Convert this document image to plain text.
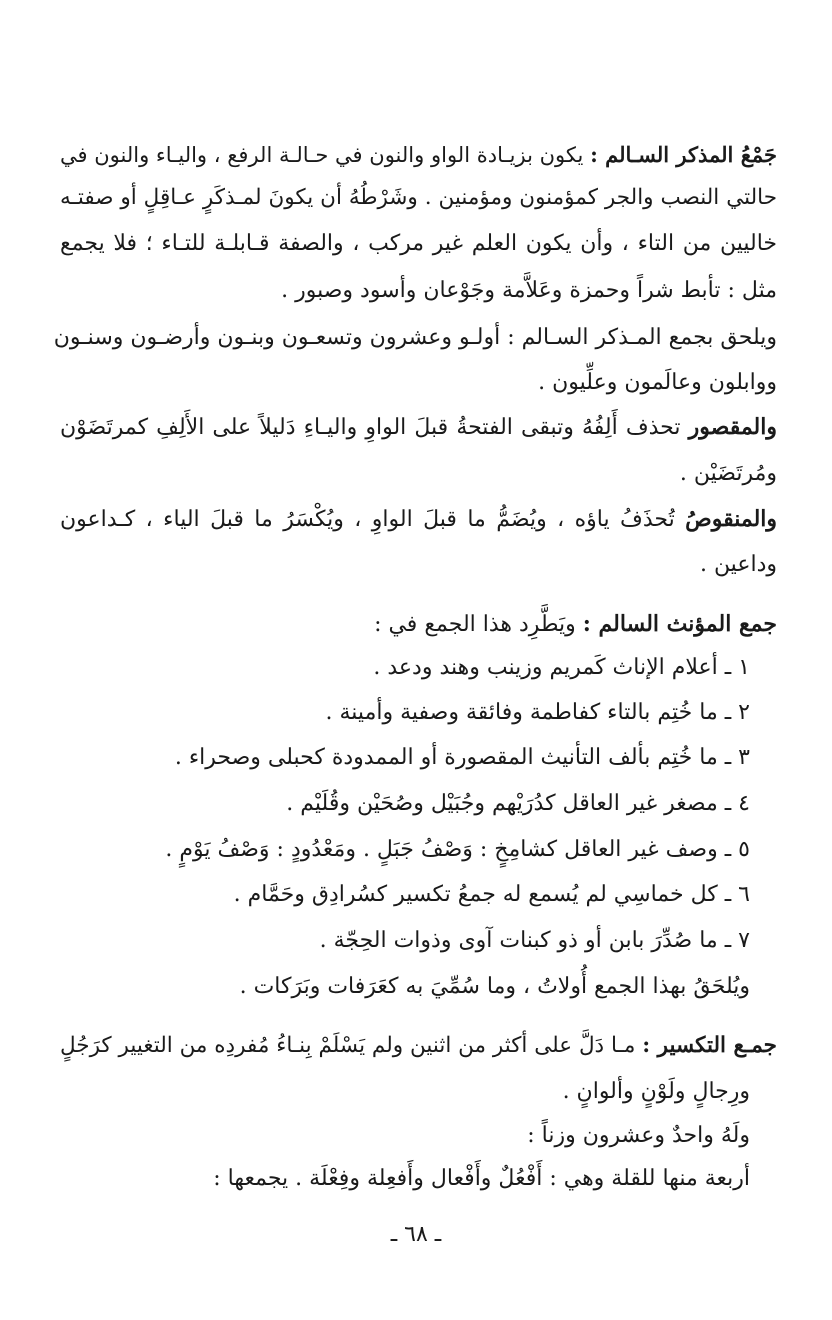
جَمْعُ المذكر السـالم : يكون بزيـادة الواو والنون في حـالـة الرفع ، واليـاء والنون في
حالتي النصب والجر كمؤمنون ومؤمنين . وشَرْطُهُ أن يكونَ لمـذكَرٍ عـاقِلٍ أو صفتـه
خاليين من التاء ، وأن يكون العلم غير مركب ، والصفة قـابلـة للتـاء ؛ فلا يجمع
مثل : تأبط شراً وحمزة وعَلاَّمة وجَوْعان وأسود وصبور .
ويلحق بجمع المـذكر السـالم : أولـو وعشرون وتسعـون وبنـون وأرضـون وسنـون
ووابلون وعالَمون وعلِّيون .
والمقصور تحذف أَلِفُهُ وتبقى الفتحةُ قبلَ الواوِ واليـاءِ دَليلاً على الأَلِفِ كمرتَضَوْن
ومُرتَضَيْن .
والمنقوصُ تُحذَفُ ياؤه ، ويُضَمُّ ما قبلَ الواوِ ، ويُكْسَرُ ما قبلَ الياء ، كـداعون
وداعين .
جمع المؤنث السالم : ويَطَّرِد هذا الجمع في :
١ ـ أعلام الإناث كَمريم وزينب وهند ودعد .
٢ ـ ما خُتِم بالتاء كفاطمة وفائقة وصفية وأمينة .
٣ ـ ما خُتِم بألف التأنيث المقصورة أو الممدودة كحبلى وصحراء .
٤ ـ مصغر غير العاقل كدُرَيْهم وجُبَيْل وصُحَيْن وقُلَيْم .
٥ ـ وصف غير العاقل كشامِخٍ : وَصْفُ جَبَلٍ . ومَعْدُودٍ : وَصْفُ يَوْمٍ .
٦ ـ كل خماسِي لم يُسمع له جمعُ تكسير كسُرادِق وحَمَّام .
٧ ـ ما صُدِّرَ بابن أو ذو كبنات آوى وذوات الحِجّة .
ويُلحَقُ بهذا الجمع أُولاتُ ، وما سُمِّيَ به كعَرَفات وبَرَكات .
جمـع التكسير : مـا دَلَّ على أكثر من اثنين ولم يَسْلَمْ بِنـاءُ مُفردِه من التغيير كرَجُلٍ
ورِجالٍ ولَوْنٍ وألوانٍ .
ولَهُ واحدٌ وعشرون وزناً :
أربعة منها للقلة وهي : أَفْعُلٌ وأَفْعال وأَفعِلة وفِعْلَة . يجمعها :
ـ ٦٨ ـ
